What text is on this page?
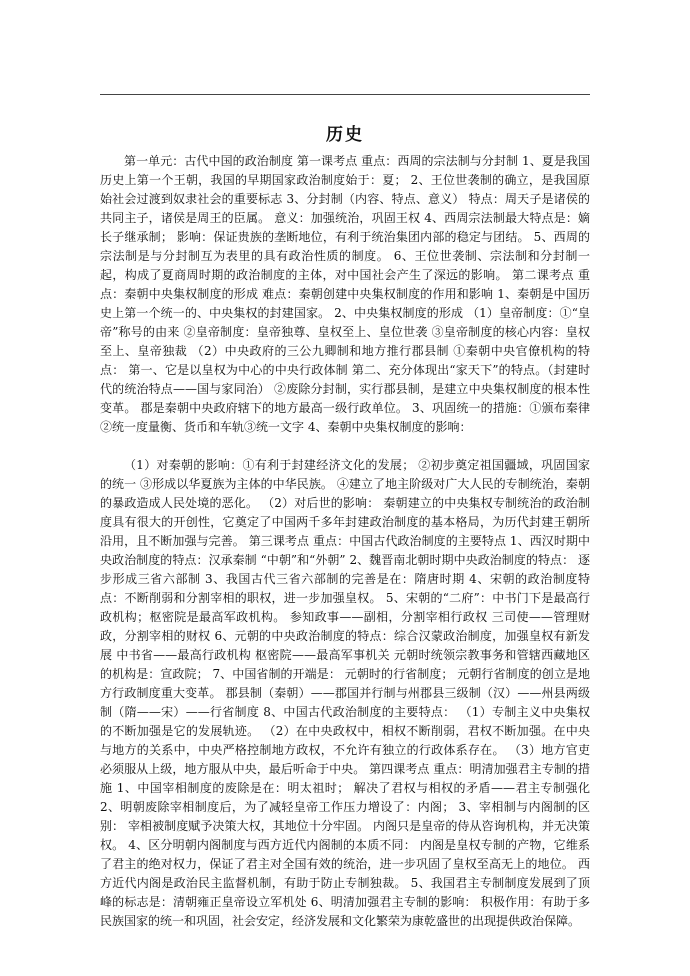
历史

第一单元：古代中国的政治制度 第一课考点 重点：西周的宗法制与分封制 1、夏是我国历史上第一个王朝，我国的早期国家政治制度始于：夏； 2、王位世袭制的确立，是我国原始社会过渡到奴隶社会的重要标志 3、分封制（内容、特点、意义） 特点：周天子是诸侯的共同主子，诸侯是周王的臣属。 意义：加强统治，巩固王权 4、西周宗法制最大特点是：嫡长子继承制； 影响：保证贵族的垄断地位，有利于统治集团内部的稳定与团结。 5、西周的宗法制是与分封制互为表里的具有政治性质的制度。 6、王位世袭制、宗法制和分封制一起，构成了夏商周时期的政治制度的主体，对中国社会产生了深远的影响。 第二课考点 重点：秦朝中央集权制度的形成 难点：秦朝创建中央集权制度的作用和影响 1、秦朝是中国历史上第一个统一的、中央集权的封建国家。 2、中央集权制度的形成 （1）皇帝制度：①“皇帝”称号的由来 ②皇帝制度：皇帝独尊、皇权至上、皇位世袭 ③皇帝制度的核心内容：皇权至上、皇帝独裁 （2）中央政府的三公九卿制和地方推行郡县制 ①秦朝中央官僚机构的特点： 第一、它是以皇权为中心的中央行政体制 第二、充分体现出“家天下”的特点。（封建时代的统治特点——国与家同治） ②废除分封制，实行郡县制，是建立中央集权制度的根本性变革。 郡是秦朝中央政府辖下的地方最高一级行政单位。 3、巩固统一的措施：①颁布秦律②统一度量衡、货币和车轨③统一文字 4、秦朝中央集权制度的影响：

（1）对秦朝的影响：①有利于封建经济文化的发展； ②初步奠定祖国疆域，巩固国家的统一 ③形成以华夏族为主体的中华民族。 ④建立了地主阶级对广大人民的专制统治，秦朝的暴政造成人民处境的恶化。 （2）对后世的影响： 秦朝建立的中央集权专制统治的政治制度具有很大的开创性，它奠定了中国两千多年封建政治制度的基本格局，为历代封建王朝所沿用，且不断加强与完善。 第三课考点 重点：中国古代政治制度的主要特点 1、西汉时期中央政治制度的特点：汉承秦制 “中朝”和“外朝” 2、魏晋南北朝时期中央政治制度的特点： 逐步形成三省六部制 3、我国古代三省六部制的完善是在：隋唐时期 4、宋朝的政治制度特点：不断削弱和分割宰相的职权，进一步加强皇权。 5、宋朝的“二府”：中书门下是最高行政机构；枢密院是最高军政机构。 参知政事——副相，分割宰相行政权 三司使——管理财政，分割宰相的财权 6、元朝的中央政治制度的特点：综合汉蒙政治制度，加强皇权有新发展 中书省——最高行政机构 枢密院——最高军事机关 元朝时统领宗教事务和管辖西藏地区的机构是：宣政院； 7、中国省制的开端是： 元朝时的行省制度； 元朝行省制度的创立是地方行政制度重大变革。 郡县制（秦朝）——郡国并行制与州郡县三级制（汉）——州县两级制（隋——宋）——行省制度 8、中国古代政治制度的主要特点： （1）专制主义中央集权的不断加强是它的发展轨迹。 （2）在中央政权中，相权不断削弱，君权不断加强。在中央与地方的关系中，中央严格控制地方政权，不允许有独立的行政体系存在。 （3）地方官吏必须服从上级，地方服从中央，最后听命于中央。 第四课考点 重点：明清加强君主专制的措施 1、中国宰相制度的废除是在：明太祖时； 解决了君权与相权的矛盾——君主专制强化 2、明朝废除宰相制度后，为了减轻皇帝工作压力增设了：内阁； 3、宰相制与内阁制的区别： 宰相被制度赋予决策大权，其地位十分牢固。 内阁只是皇帝的侍从咨询机构，并无决策权。 4、区分明朝内阁制度与西方近代内阁制的本质不同： 内阁是皇权专制的产物，它维系了君主的绝对权力，保证了君主对全国有效的统治，进一步巩固了皇权至高无上的地位。 西方近代内阁是政治民主监督机制，有助于防止专制独裁。 5、我国君主专制制度发展到了顶峰的标志是：清朝雍正皇帝设立军机处 6、明清加强君主专制的影响： 积极作用：有助于多民族国家的统一和巩固，社会安定，经济发展和文化繁荣为康乾盛世的出现提供政治保障。
